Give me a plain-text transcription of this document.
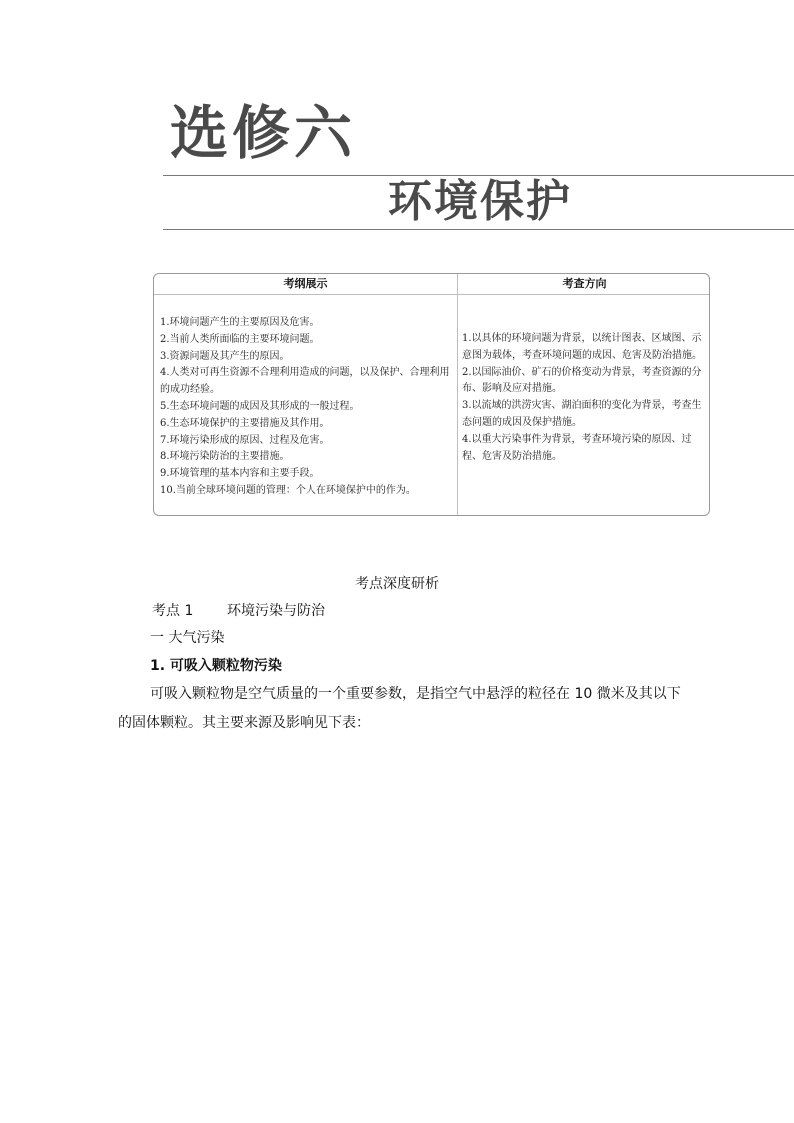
选修六
环境保护
考纲展示	考查方向

1.环境问题产生的主要原因及危害。

2.当前人类所面临的主要环境问题。

3.资源问题及其产生的原因。

4.人类对可再生资源不合理利用造成的问题，以及保护、合理利用的成功经验。

5.生态环境问题的成因及其形成的一般过程。

6.生态环境保护的主要措施及其作用。

7.环境污染形成的原因、过程及危害。

8.环境污染防治的主要措施。

9.环境管理的基本内容和主要手段。

10.当前全球环境问题的管理：个人在环境保护中的作为。

1.以具体的环境问题为背景，以统计图表、区域图、示意图为载体，考查环境问题的成因、危害及防治措施。

2.以国际油价、矿石的价格变动为背景，考查资源的分布、影响及应对措施。

3.以流域的洪涝灾害、湖泊面积的变化为背景，考查生态问题的成因及保护措施。

4.以重大污染事件为背景，考查环境污染的原因、过程、危害及防治措施。

考点深度研析
考点 1 环境污染与防治
一 大气污染
1. 可吸入颗粒物污染

可吸入颗粒物是空气质量的一个重要参数，是指空气中悬浮的粒径在 10 微米及其以下的固体颗粒。其主要来源及影响见下表：
